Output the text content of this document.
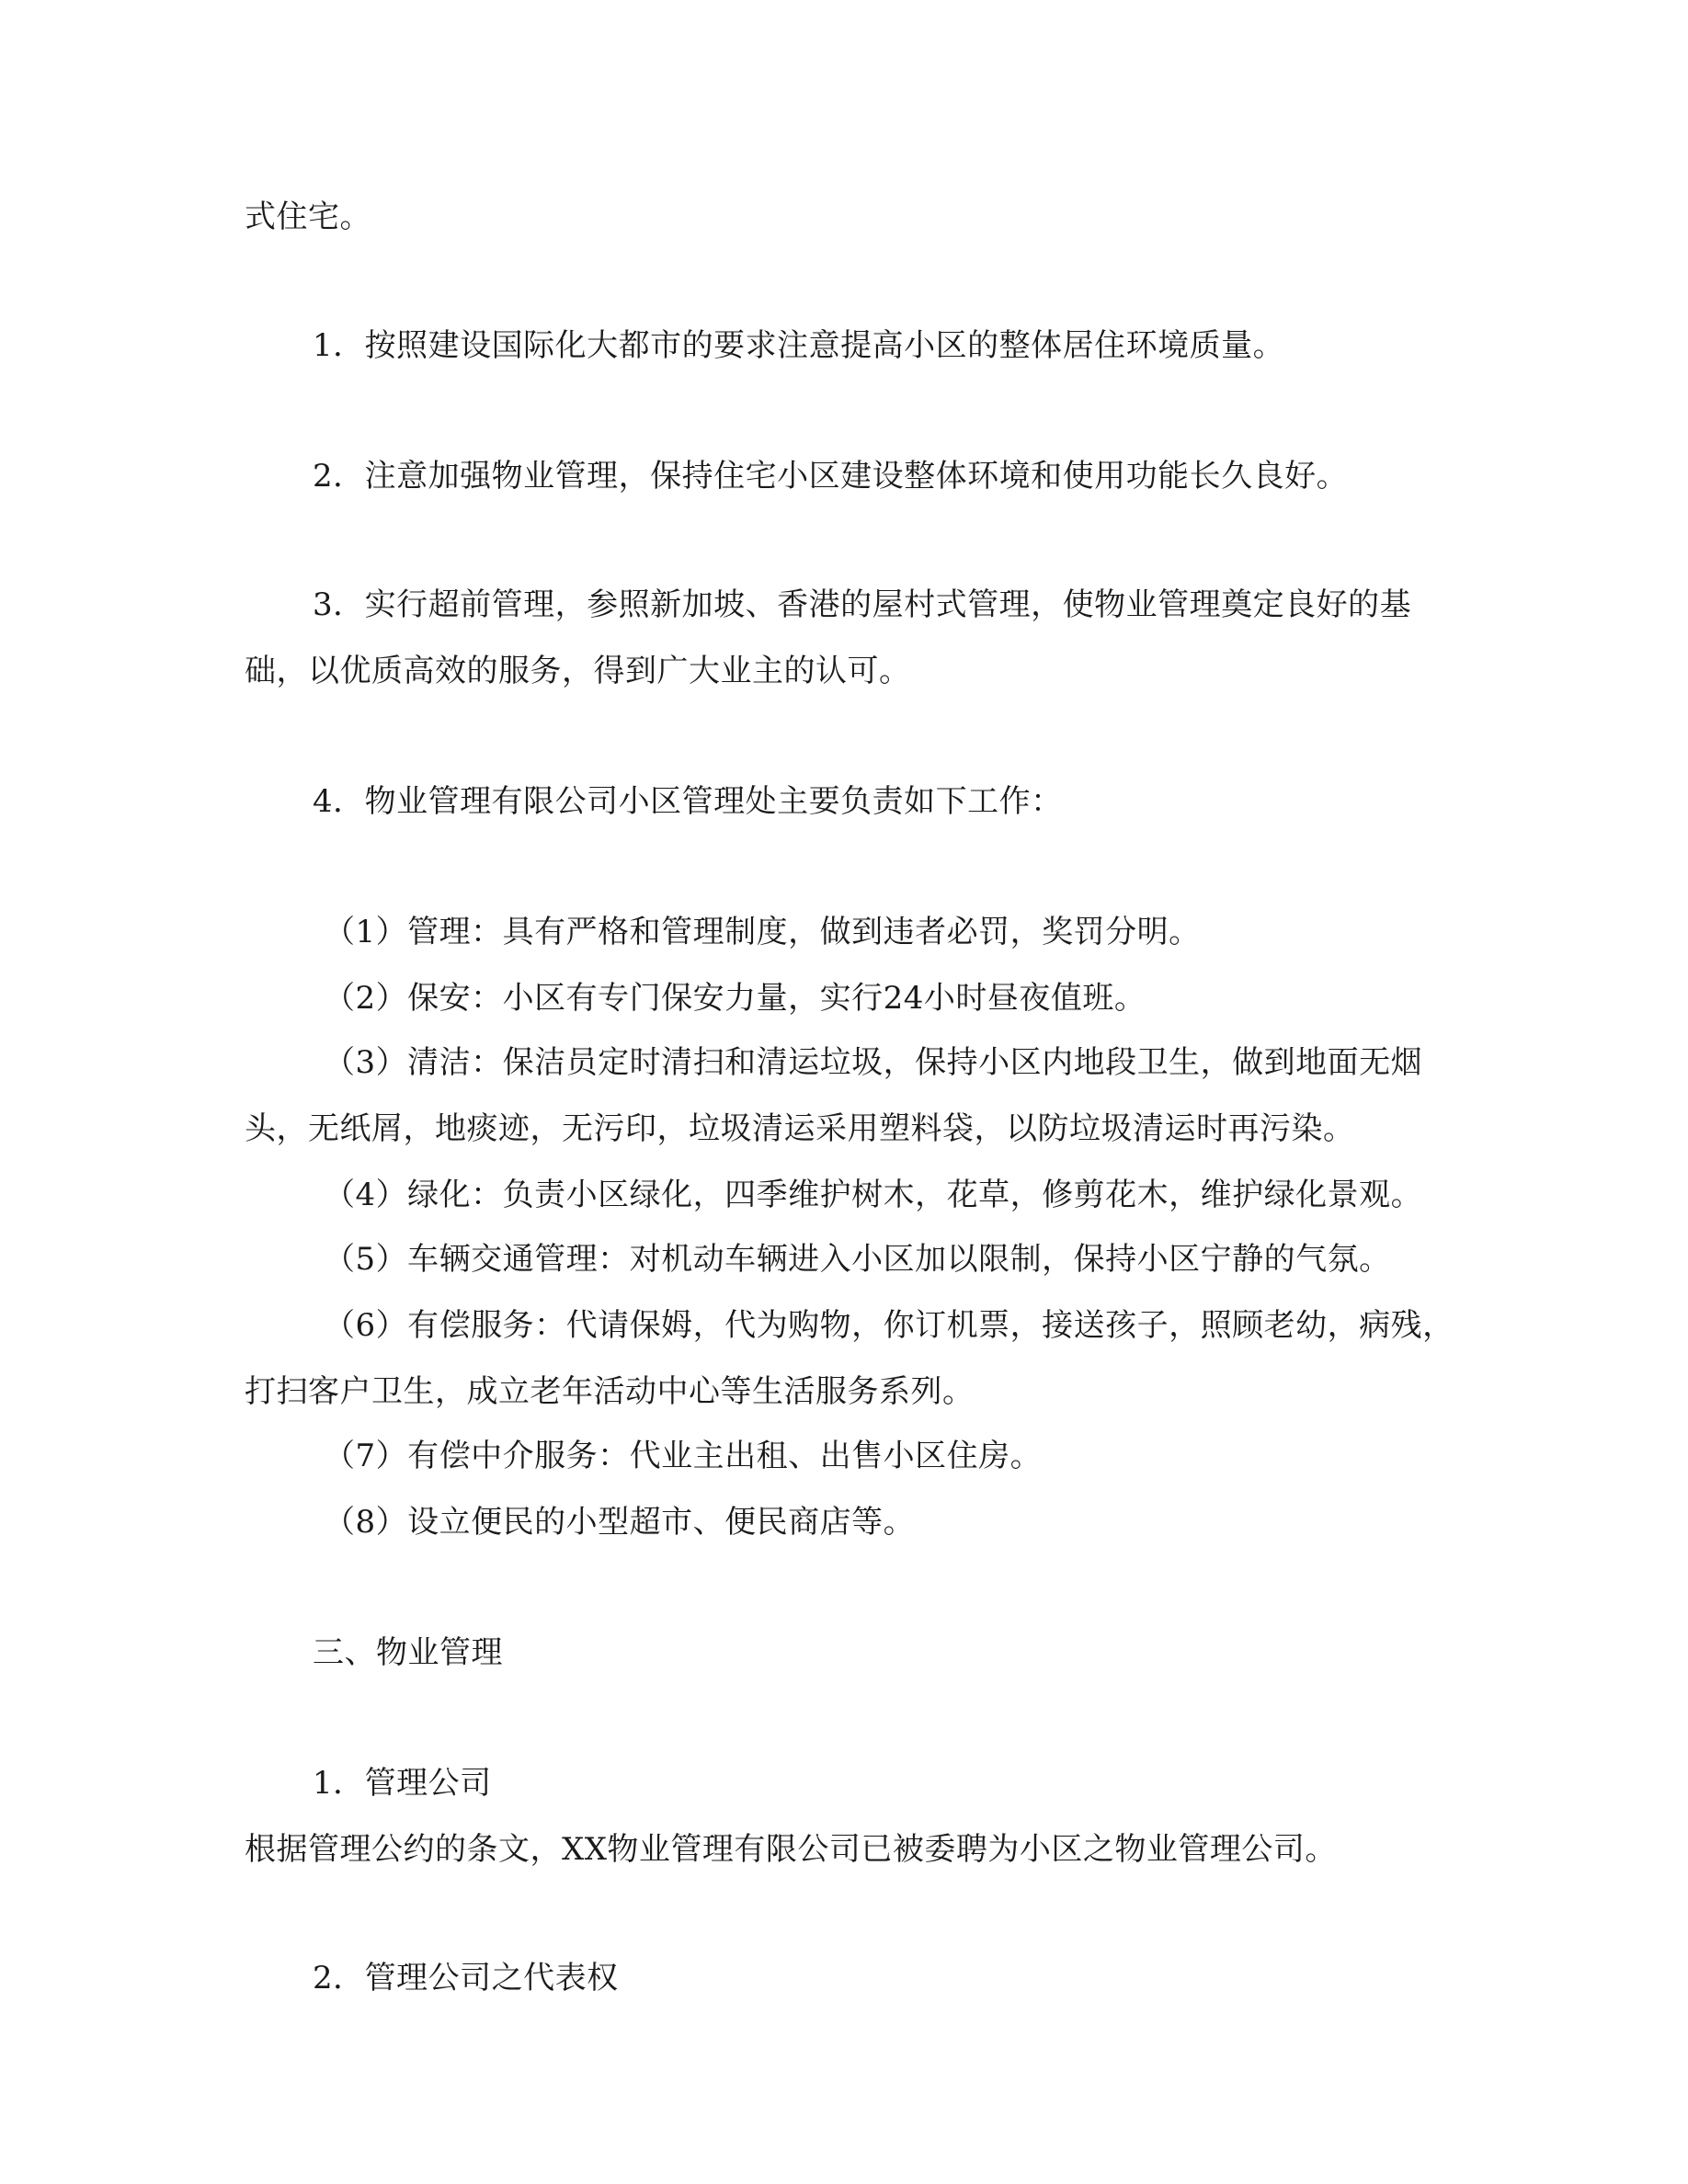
式住宅。
1．按照建设国际化大都市的要求注意提高小区的整体居住环境质量。
2．注意加强物业管理，保持住宅小区建设整体环境和使用功能长久良好。
3．实行超前管理，参照新加坡、香港的屋村式管理，使物业管理奠定良好的基
础，以优质高效的服务，得到广大业主的认可。
4．物业管理有限公司小区管理处主要负责如下工作：
（1）管理：具有严格和管理制度，做到违者必罚，奖罚分明。
（2）保安：小区有专门保安力量，实行24小时昼夜值班。
（3）清洁：保洁员定时清扫和清运垃圾，保持小区内地段卫生，做到地面无烟
头，无纸屑，地痰迹，无污印，垃圾清运采用塑料袋，以防垃圾清运时再污染。
（4）绿化：负责小区绿化，四季维护树木，花草，修剪花木，维护绿化景观。
（5）车辆交通管理：对机动车辆进入小区加以限制，保持小区宁静的气氛。
（6）有偿服务：代请保姆，代为购物，你订机票，接送孩子，照顾老幼，病残，
打扫客户卫生，成立老年活动中心等生活服务系列。
（7）有偿中介服务：代业主出租、出售小区住房。
（8）设立便民的小型超市、便民商店等。
三、物业管理
1．管理公司
根据管理公约的条文，XX物业管理有限公司已被委聘为小区之物业管理公司。
2．管理公司之代表权
